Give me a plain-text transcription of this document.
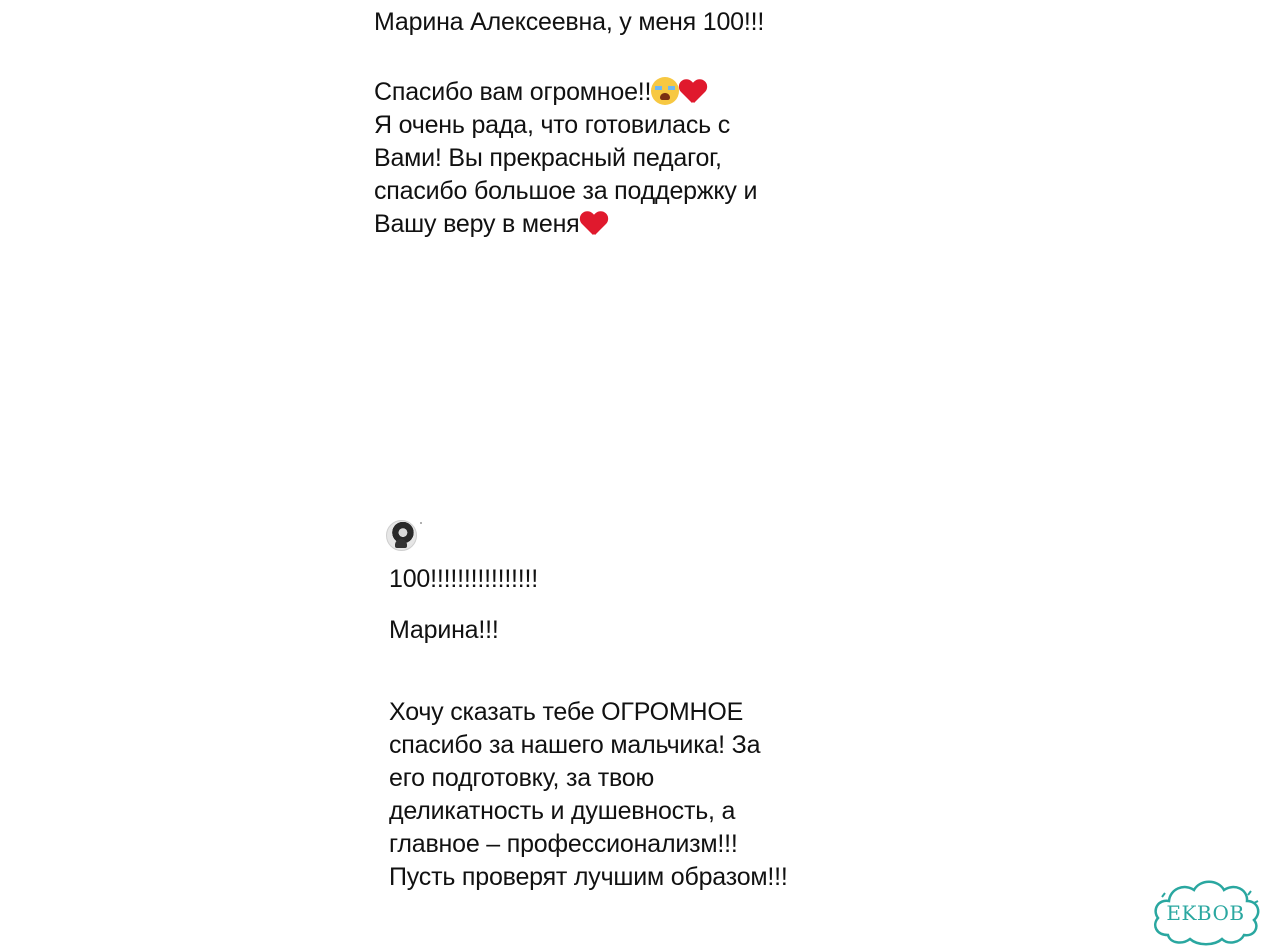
Марина Алексеевна, у меня 100!!!

Спасибо вам огромное!!

Я очень рада, что готовилась с

Вами! Вы прекрасный педагог,

спасибо большое за поддержку и

Вашу веру в меня

100!!!!!!!!!!!!!!!!

Марина!!!

Хочу сказать тебе ОГРОМНОЕ

спасибо за нашего мальчика! За

его подготовку, за твою

деликатность и душевность, а

главное – профессионализм!!!

Пусть проверят лучшим образом!!!

EKBOB
